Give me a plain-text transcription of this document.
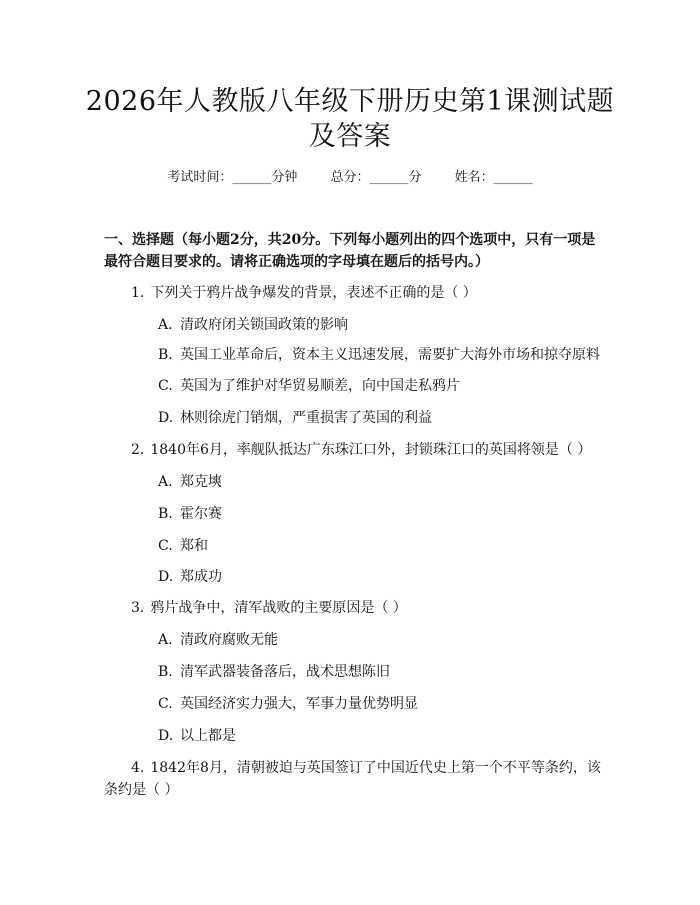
2026年人教版八年级下册历史第1课测试题
及答案
考试时间：______分钟	总分：______分	姓名：______
一、选择题（每小题2分，共20分。下列每小题列出的四个选项中，只有一项是
最符合题目要求的。请将正确选项的字母填在题后的括号内。）
1. 下列关于鸦片战争爆发的背景，表述不正确的是（ ）
A. 清政府闭关锁国政策的影响
B. 英国工业革命后，资本主义迅速发展，需要扩大海外市场和掠夺原料
C. 英国为了维护对华贸易顺差，向中国走私鸦片
D. 林则徐虎门销烟，严重损害了英国的利益
2. 1840年6月，率舰队抵达广东珠江口外，封锁珠江口的英国将领是（ ）
A. 郑克塽
B. 霍尔赛
C. 郑和
D. 郑成功
3. 鸦片战争中，清军战败的主要原因是（ ）
A. 清政府腐败无能
B. 清军武器装备落后，战术思想陈旧
C. 英国经济实力强大，军事力量优势明显
D. 以上都是
4. 1842年8月，清朝被迫与英国签订了中国近代史上第一个不平等条约，该
条约是（ ）
